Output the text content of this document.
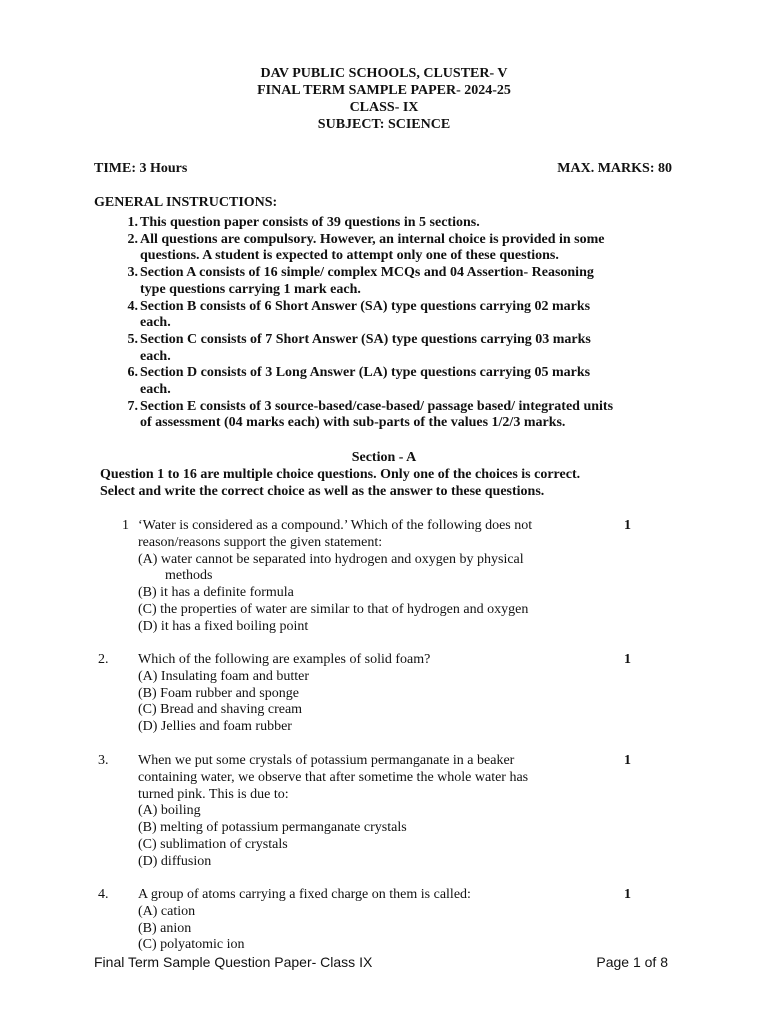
DAV PUBLIC SCHOOLS, CLUSTER- V
FINAL TERM SAMPLE PAPER- 2024-25
CLASS- IX
SUBJECT: SCIENCE
TIME: 3 Hours	MAX. MARKS: 80
GENERAL INSTRUCTIONS:
1. This question paper consists of 39 questions in 5 sections.
2. All questions are compulsory. However, an internal choice is provided in some
questions. A student is expected to attempt only one of these questions.
3. Section A consists of 16 simple/ complex MCQs and 04 Assertion- Reasoning
type questions carrying 1 mark each.
4. Section B consists of 6 Short Answer (SA) type questions carrying 02 marks
each.
5. Section C consists of 7 Short Answer (SA) type questions carrying 03 marks
each.
6. Section D consists of 3 Long Answer (LA) type questions carrying 05 marks
each.
7. Section E consists of 3 source-based/case-based/ passage based/ integrated units
of assessment (04 marks each) with sub-parts of the values 1/2/3 marks.
Section - A
Question 1 to 16 are multiple choice questions. Only one of the choices is correct.
Select and write the correct choice as well as the answer to these questions.
1 ‘Water is considered as a compound.’ Which of the following does not
reason/reasons support the given statement:
(A) water cannot be separated into hydrogen and oxygen by physical
methods
(B) it has a definite formula
(C) the properties of water are similar to that of hydrogen and oxygen
(D) it has a fixed boiling point
1
2.	Which of the following are examples of solid foam?
(A) Insulating foam and butter
(B) Foam rubber and sponge
(C) Bread and shaving cream
(D) Jellies and foam rubber
1
3.	When we put some crystals of potassium permanganate in a beaker
containing water, we observe that after sometime the whole water has
turned pink. This is due to:
(A) boiling
(B) melting of potassium permanganate crystals
(C) sublimation of crystals
(D) diffusion
1
4.	A group of atoms carrying a fixed charge on them is called:
(A) cation
(B) anion
(C) polyatomic ion
1
Final Term Sample Question Paper- Class IX	Page 1 of 8
